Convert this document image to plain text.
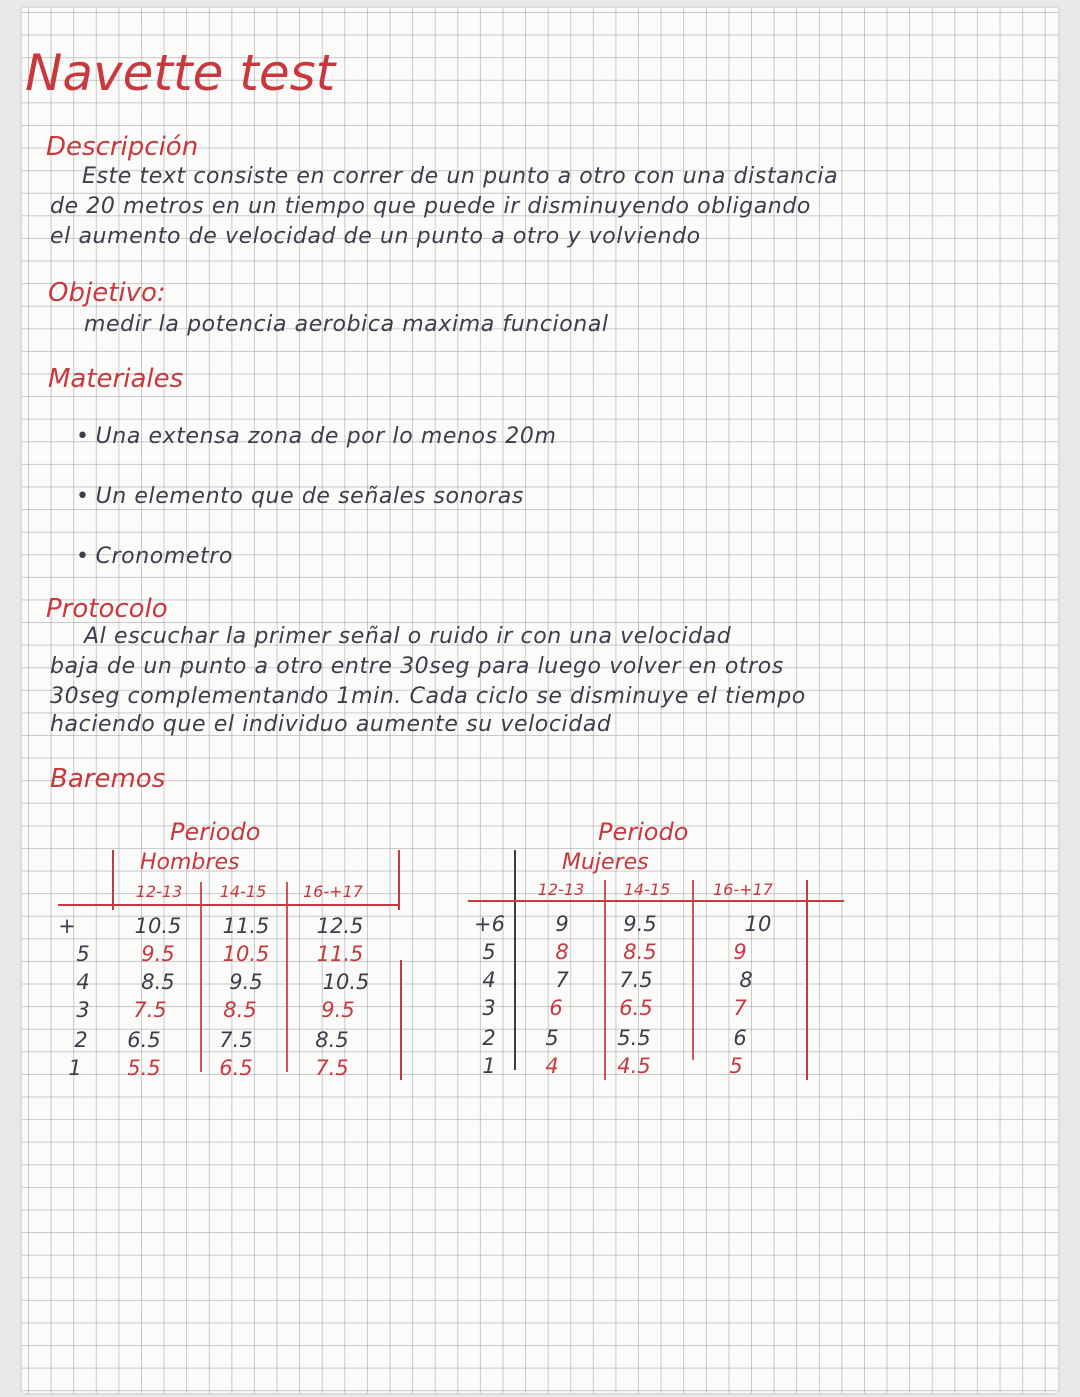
Navette test
Descripción
Este text consiste en correr de un punto a otro con una distancia
de 20 metros en un tiempo que puede ir disminuyendo obligando
el aumento de velocidad de un punto a otro y volviendo
Objetivo:
medir la potencia aerobica maxima funcional
Materiales
• Una extensa zona de por lo menos 20m
• Un elemento que de señales sonoras
• Cronometro
Protocolo
Al escuchar la primer señal o ruido ir con una velocidad
baja de un punto a otro entre 30seg para luego volver en otros
30seg complementando 1min. Cada ciclo se disminuye el tiempo
haciendo que el individuo aumente su velocidad
Baremos
Periodo
Hombres
12-13	14-15	16-+17
+	10.5	11.5	12.5
5	9.5	10.5	11.5
4	8.5	9.5	10.5
3	7.5	8.5	9.5
2	6.5	7.5	8.5
1	5.5	6.5	7.5
Periodo
Mujeres
12-13	14-15	16-+17
+6	9	9.5	10
5	8	8.5	9
4	7	7.5	8
3	6	6.5	7
2	5	5.5	6
1	4	4.5	5
